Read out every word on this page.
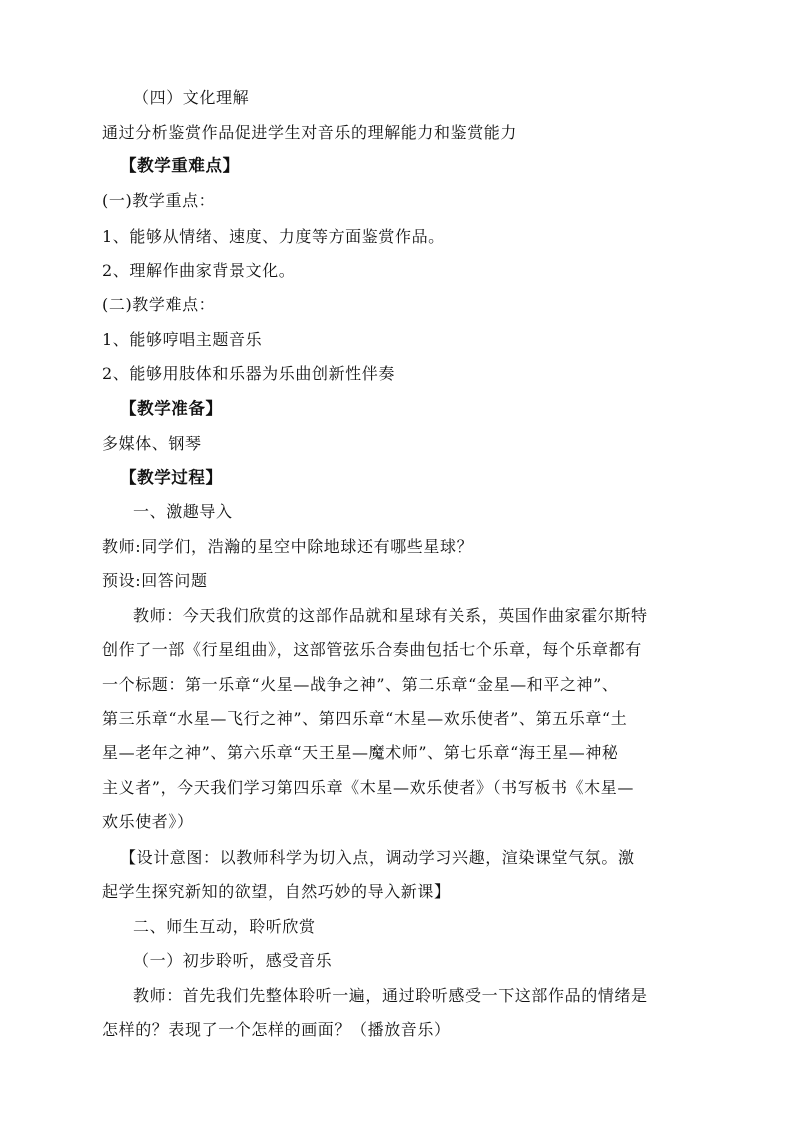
（四）文化理解

通过分析鉴赏作品促进学生对音乐的理解能力和鉴赏能力

【教学重难点】

(一)教学重点：

1、能够从情绪、速度、力度等方面鉴赏作品。

2、理解作曲家背景文化。

(二)教学难点：

1、能够哼唱主题音乐

2、能够用肢体和乐器为乐曲创新性伴奏

【教学准备】

多媒体、钢琴

【教学过程】

一、激趣导入

教师:同学们，浩瀚的星空中除地球还有哪些星球？

预设:回答问题

教师：今天我们欣赏的这部作品就和星球有关系，英国作曲家霍尔斯特

创作了一部《行星组曲》，这部管弦乐合奏曲包括七个乐章，每个乐章都有

一个标题：第一乐章“火星—战争之神”、第二乐章“金星—和平之神”、

第三乐章“水星—飞行之神”、第四乐章“木星—欢乐使者”、第五乐章“土

星—老年之神”、第六乐章“天王星—魔术师”、第七乐章“海王星—神秘

主义者”，今天我们学习第四乐章《木星—欢乐使者》（书写板书《木星—

欢乐使者》）

【设计意图：以教师科学为切入点，调动学习兴趣，渲染课堂气氛。激

起学生探究新知的欲望，自然巧妙的导入新课】

二、师生互动，聆听欣赏

（一）初步聆听，感受音乐

教师：首先我们先整体聆听一遍，通过聆听感受一下这部作品的情绪是

怎样的？表现了一个怎样的画面？（播放音乐）
